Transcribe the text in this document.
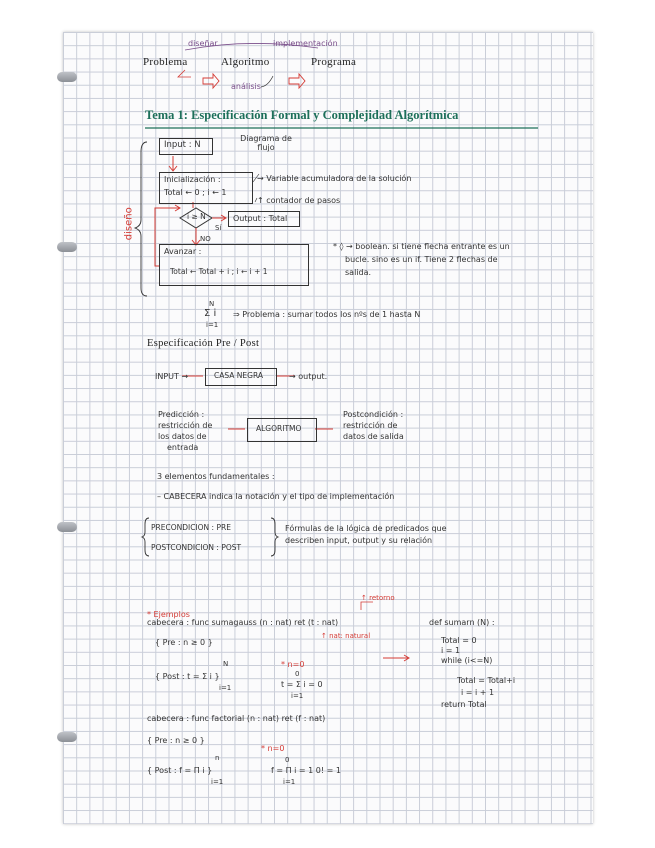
diseñar	implementación
Problema	Algoritmo	Programa
análisis
Tema 1: Especificación Formal y Complejidad Algorítmica
Diagrama de flujo
diseño
Input : N
Inicialización :
Total ← 0 ; i ← 1
→ Variable acumuladora de la solución
↑ contador de pasos
i ≥ N
Sí
Output : Total
NO
Avanzar :
Total ← Total + i ; i ← i + 1
* ◊ → boolean. si tiene flecha entrante es un
bucle. sino es un if. Tiene 2 flechas de
salida.
N
Σ i
i=1
⇒ Problema : sumar todos los nºs de 1 hasta N
Especificación Pre / Post
INPUT →	CASA NEGRA	→ output.
Predicción :
restricción de
los datos de
entrada
ALGORITMO
Postcondición :
restricción de
datos de salida
3 elementos fundamentales :
– CABECERA indica la notación y el tipo de implementación
PRECONDICION : PRE
POSTCONDICION : POST
Fórmulas de la lógica de predicados que
describen input, output y su relación
* Ejemplos
↑ retorno
cabecera : func sumagauss (n : nat) ret (t : nat)
↑ nat: natural
{ Pre : n ≥ 0 }
{ Post : t = Σ i }
N
i=1
* n=0
t = Σ i = 0
0
i=1
def sumarn (N) :
Total = 0
i = 1
while (i<=N)
Total = Total+i
i = i + 1
return Total
cabecera : func factorial (n : nat) ret (f : nat)
{ Pre : n ≥ 0 }
{ Post : f = Π i }
n
i=1
* n=0
f = Π i = 1 0! = 1
0
i=1
